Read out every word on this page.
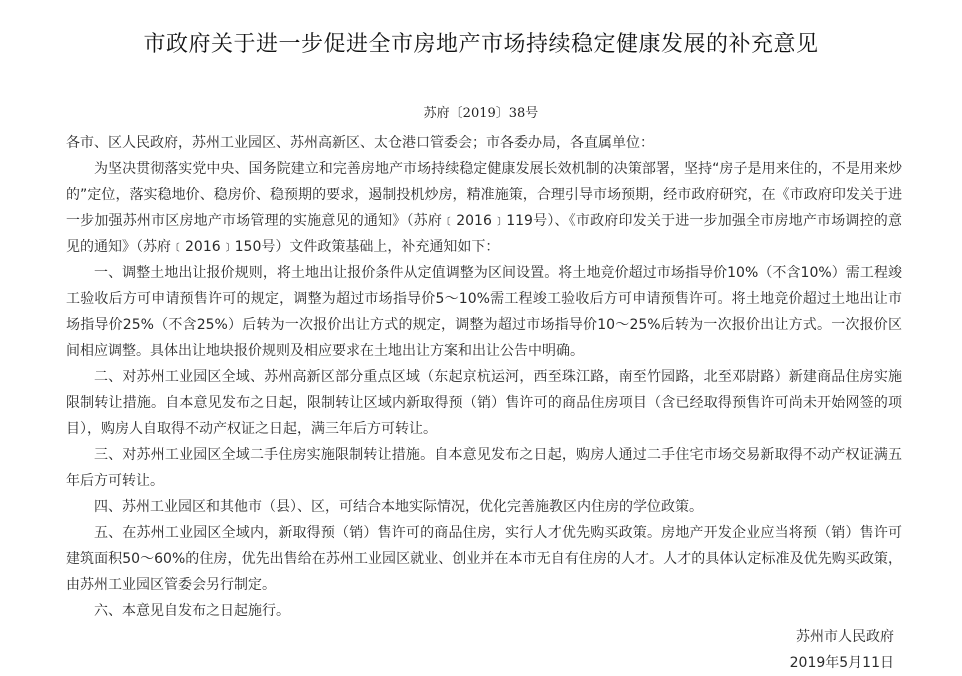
市政府关于进一步促进全市房地产市场持续稳定健康发展的补充意见
苏府〔2019〕38号

各市、区人民政府，苏州工业园区、苏州高新区、太仓港口管委会；市各委办局，各直属单位：

为坚决贯彻落实党中央、国务院建立和完善房地产市场持续稳定健康发展长效机制的决策部署，坚持“房子是用来住的，不是用来炒的”定位，落实稳地价、稳房价、稳预期的要求，遏制投机炒房，精准施策，合理引导市场预期，经市政府研究，在《市政府印发关于进一步加强苏州市区房地产市场管理的实施意见的通知》（苏府﹝2016﹞119号）、《市政府印发关于进一步加强全市房地产市场调控的意见的通知》（苏府﹝2016﹞150号）文件政策基础上，补充通知如下：

一、调整土地出让报价规则，将土地出让报价条件从定值调整为区间设置。将土地竞价超过市场指导价10%（不含10%）需工程竣工验收后方可申请预售许可的规定，调整为超过市场指导价5～10%需工程竣工验收后方可申请预售许可。将土地竞价超过土地出让市场指导价25%（不含25%）后转为一次报价出让方式的规定，调整为超过市场指导价10～25%后转为一次报价出让方式。一次报价区间相应调整。具体出让地块报价规则及相应要求在土地出让方案和出让公告中明确。

二、对苏州工业园区全域、苏州高新区部分重点区域（东起京杭运河，西至珠江路，南至竹园路，北至邓尉路）新建商品住房实施限制转让措施。自本意见发布之日起，限制转让区域内新取得预（销）售许可的商品住房项目（含已经取得预售许可尚未开始网签的项目），购房人自取得不动产权证之日起，满三年后方可转让。

三、对苏州工业园区全域二手住房实施限制转让措施。自本意见发布之日起，购房人通过二手住宅市场交易新取得不动产权证满五年后方可转让。

四、苏州工业园区和其他市（县）、区，可结合本地实际情况，优化完善施教区内住房的学位政策。

五、在苏州工业园区全域内，新取得预（销）售许可的商品住房，实行人才优先购买政策。房地产开发企业应当将预（销）售许可建筑面积50～60%的住房，优先出售给在苏州工业园区就业、创业并在本市无自有住房的人才。人才的具体认定标准及优先购买政策，由苏州工业园区管委会另行制定。

六、本意见自发布之日起施行。

苏州市人民政府
2019年5月11日
